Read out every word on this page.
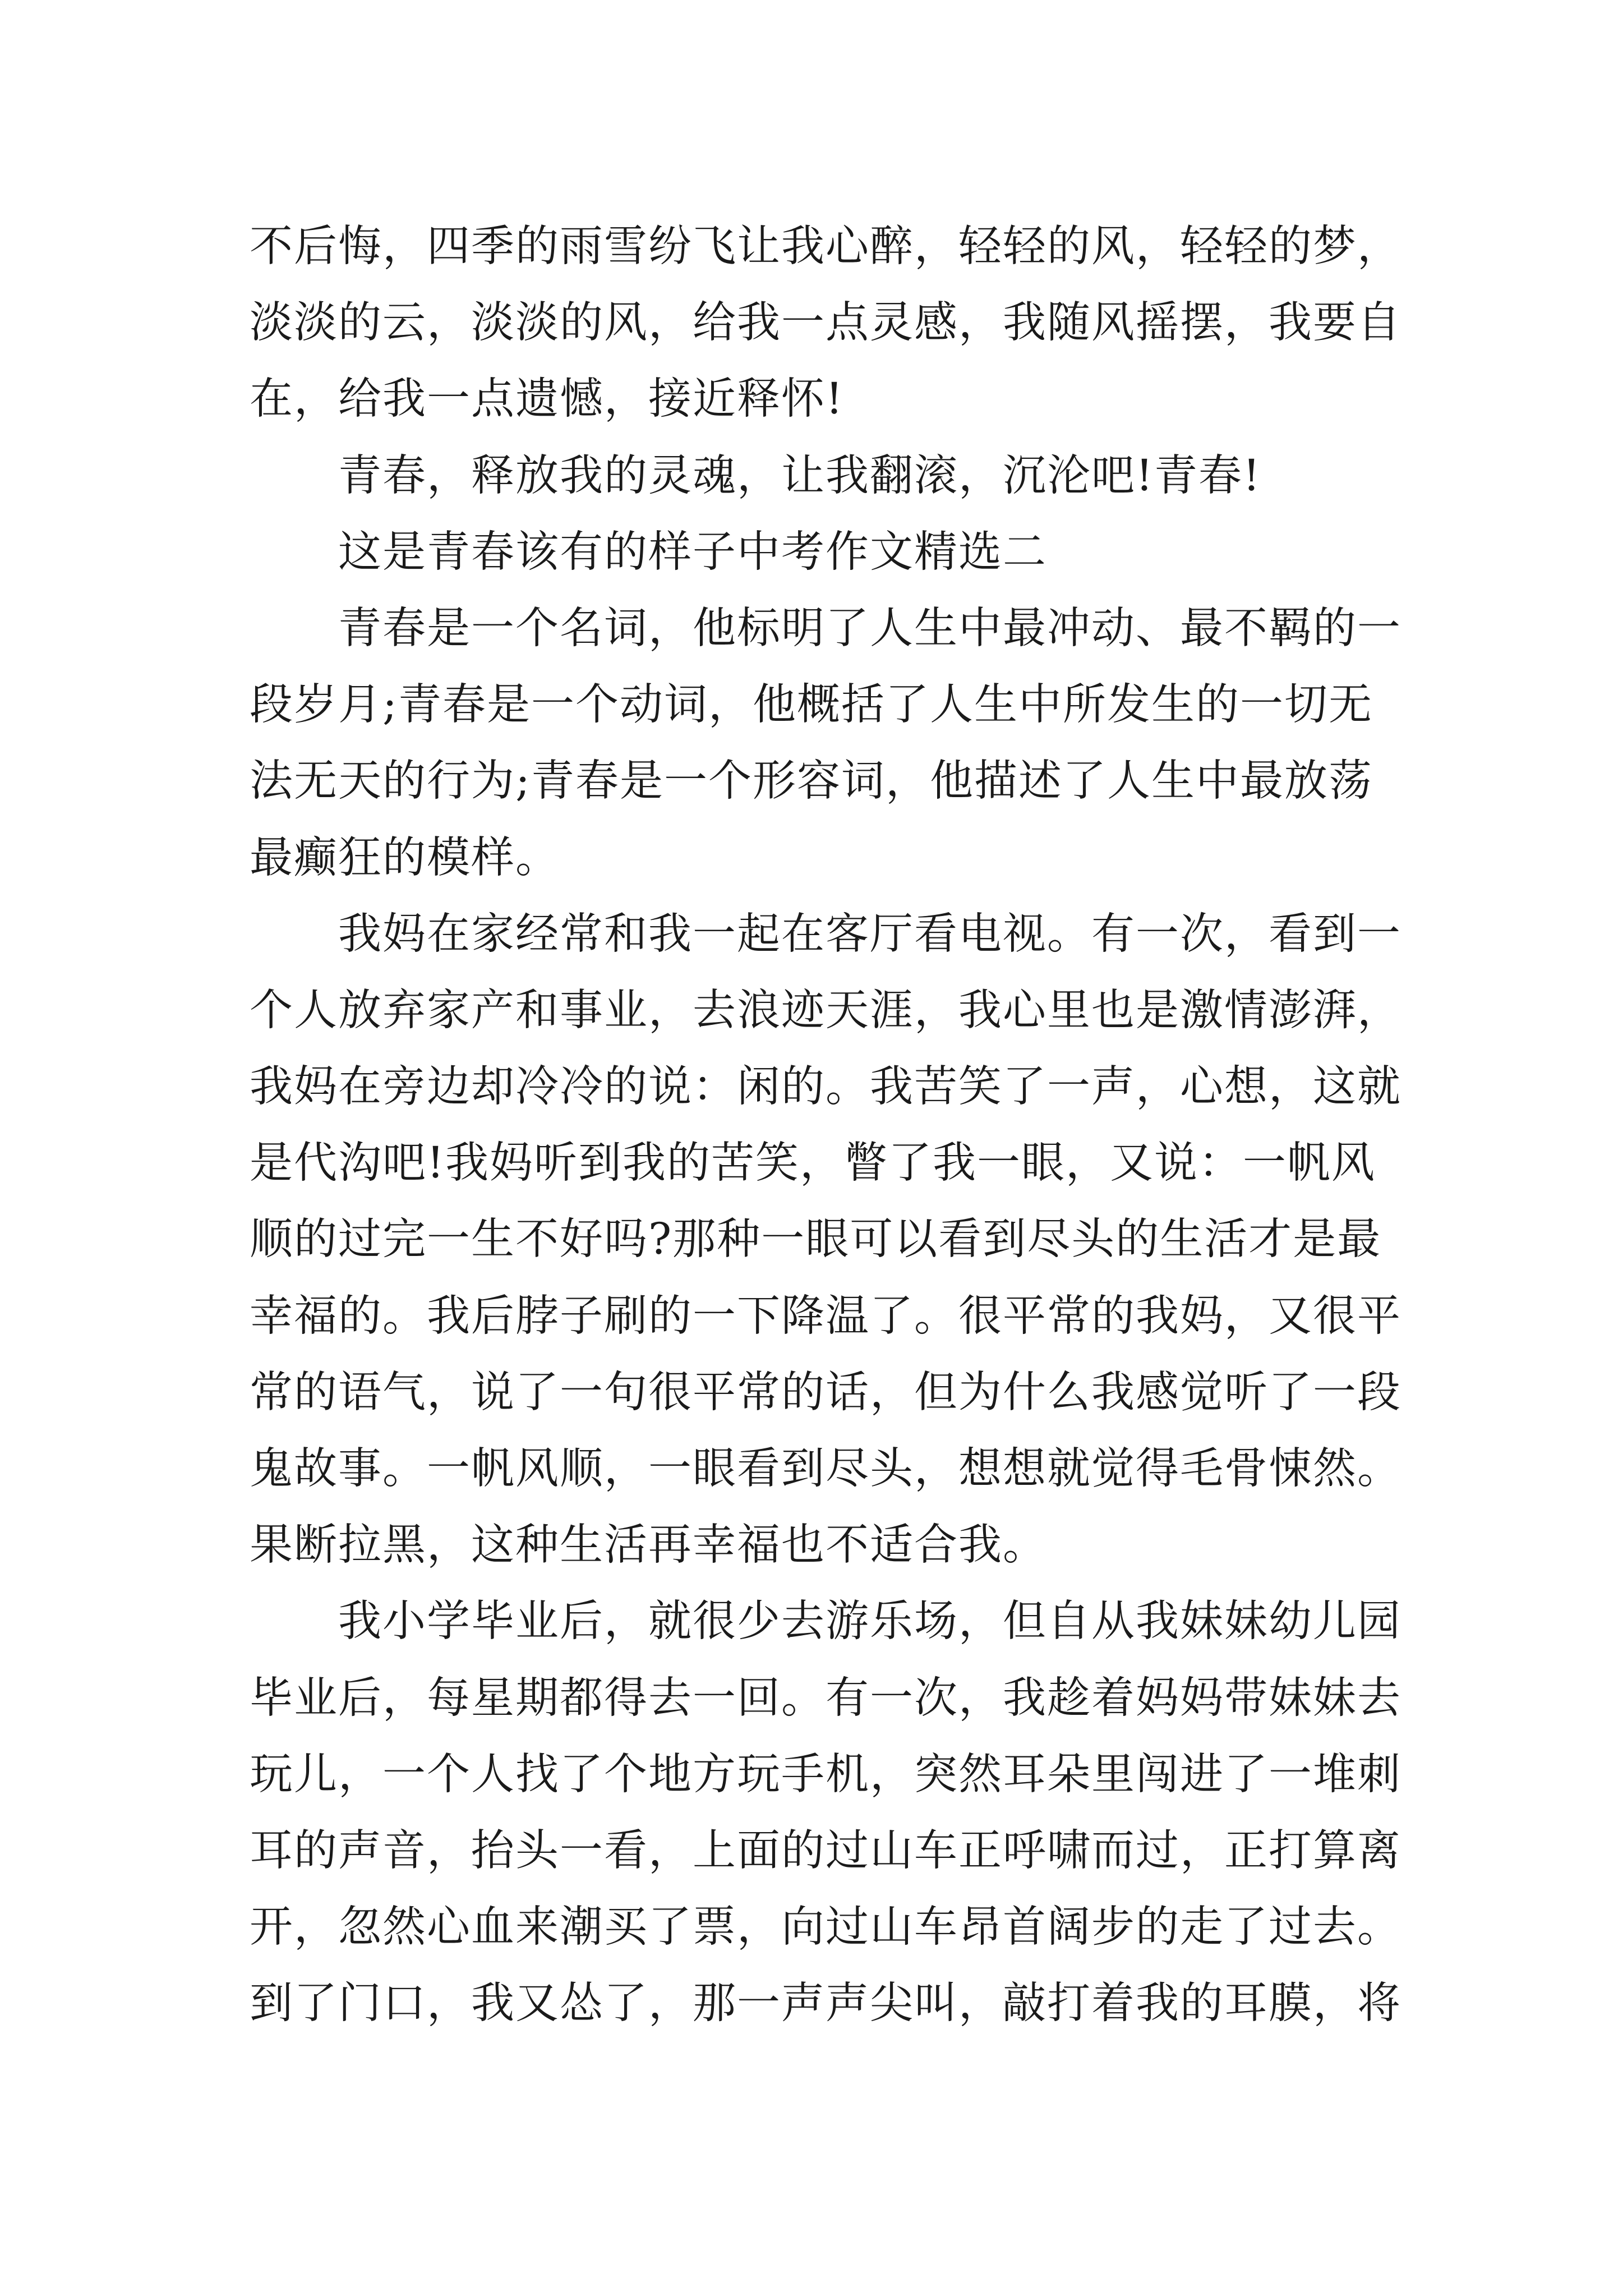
不后悔，四季的雨雪纷飞让我心醉，轻轻的风，轻轻的梦，
淡淡的云，淡淡的风，给我一点灵感，我随风摇摆，我要自
在，给我一点遗憾，接近释怀!
青春，释放我的灵魂，让我翻滚，沉沦吧!青春!
这是青春该有的样子中考作文精选二
青春是一个名词，他标明了人生中最冲动、最不羁的一
段岁月;青春是一个动词，他概括了人生中所发生的一切无
法无天的行为;青春是一个形容词，他描述了人生中最放荡
最癫狂的模样。
我妈在家经常和我一起在客厅看电视。有一次，看到一
个人放弃家产和事业，去浪迹天涯，我心里也是激情澎湃，
我妈在旁边却冷冷的说：闲的。我苦笑了一声，心想，这就
是代沟吧!我妈听到我的苦笑，瞥了我一眼，又说：一帆风
顺的过完一生不好吗?那种一眼可以看到尽头的生活才是最
幸福的。我后脖子刷的一下降温了。很平常的我妈，又很平
常的语气，说了一句很平常的话，但为什么我感觉听了一段
鬼故事。一帆风顺，一眼看到尽头，想想就觉得毛骨悚然。
果断拉黑，这种生活再幸福也不适合我。
我小学毕业后，就很少去游乐场，但自从我妹妹幼儿园
毕业后，每星期都得去一回。有一次，我趁着妈妈带妹妹去
玩儿，一个人找了个地方玩手机，突然耳朵里闯进了一堆刺
耳的声音，抬头一看，上面的过山车正呼啸而过，正打算离
开，忽然心血来潮买了票，向过山车昂首阔步的走了过去。
到了门口，我又怂了，那一声声尖叫，敲打着我的耳膜，将
